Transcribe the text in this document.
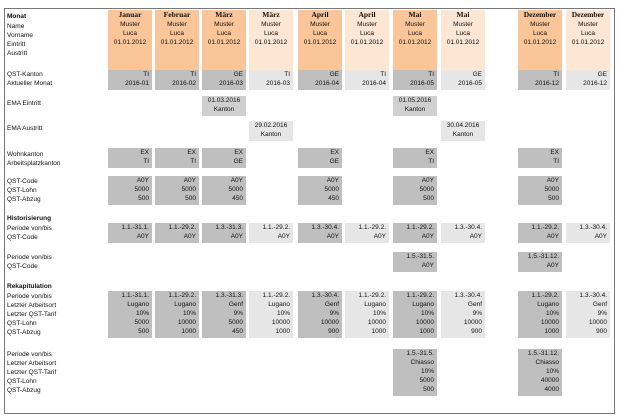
Monat
Name
Vorname
Eintritt
Austritt
QST-Kanton
Aktueller Monat
EMA Eintritt
EMA Austritt
Wohnkanton
Arbeitsplatzkanton
QST-Code
QST-Lohn
QST-Abzug
Historisierung
Periode von/bis
QST-Code
Periode von/bis
QST-Code
Rekapitulation
Periode von/bis
Letzter Arbeitsort
Letzter QST-Tarif
QST-Lohn
QST-Abzug
Periode von/bis
Letzter Arbeitsort
Letzter QST-Tarif
QST-Lohn
QST-Abzug
Januar
Muster
Luca
01.01.2012
TI
2016-01
EX
TI
A0Y
5000
500
1.1.-31.1.
A0Y
1.1.-31.1.
Lugano
10%
5000
500
Februar
Muster
Luca
01.01.2012
TI
2016-02
EX
TI
A0Y
5000
500
1.1.-29.2.
A0Y
1.1.-29.2.
Lugano
10%
10000
1000
März
Muster
Luca
01.01.2012
GE
2016-03
01.03.2016
Kanton
EX
GE
A0Y
5000
450
1.3.-31.3.
A0Y
1.3.-31.3.
Genf
9%
5000
450
März
Muster
Luca
01.01.2012
TI
2016-03
29.02.2016
Kanton
1.1.-29.2.
A0Y
1.1.-29.2.
Lugano
10%
10000
1000
April
Muster
Luca
01.01.2012
GE
2016-04
EX
GE
A0Y
5000
450
1.3.-30.4.
A0Y
1.3.-30.4.
Genf
9%
10000
900
April
Muster
Luca
01.01.2012
TI
2016-04
1.1.-29.2.
A0Y
1.1.-29.2.
Lugano
10%
10000
1000
Mai
Muster
Luca
01.01.2012
TI
2016-05
01.05.2016
Kanton
EX
TI
A0Y
5000
500
1.1.-29.2.
A0Y
1.5.-31.5.
A0Y
1.1.-29.2.
Lugano
10%
10000
1000
1.5.-31.5.
Chiasso
10%
5000
500
Mai
Muster
Luca
01.01.2012
GE
2016-05
30.04.2016
Kanton
1.3.-30.4.
A0Y
1.3.-30.4.
Genf
9%
10000
900
Dezember
Muster
Luca
01.01.2012
TI
2016-12
EX
TI
A0Y
5000
500
1.1.-29.2.
A0Y
1.5.-31.12.
A0Y
1.1.-29.2.
Lugano
10%
10000
1000
1.5.-31.12.
Chiasso
10%
40000
4000
Dezember
Muster
Luca
01.01.2012
GE
2016-12
1.3.-30.4.
A0Y
1.3.-30.4.
Genf
9%
10000
900
